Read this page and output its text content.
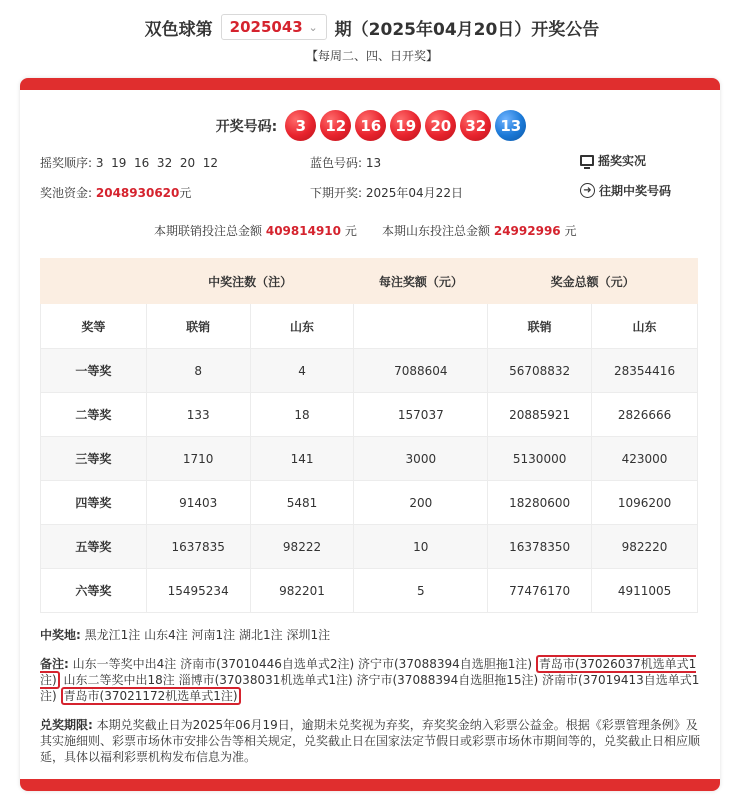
双色球第 2025043 ⌄ 期（2025年04月20日）开奖公告
【每周二、四、日开奖】
开奖号码:	3	12 16 19 20 32 13
摇奖顺序: 3  19  16  32  20  12	蓝色号码: 13	摇奖实况
奖池资金: 2048930620元	下期开奖: 2025年04月22日	➜ 往期中奖号码
本期联销投注总金额 409814910 元 本期山东投注总金额 24992996 元
	中奖注数（注）		每注奖额（元）	奖金总额（元）	
奖等	联销	山东		联销	山东
一等奖	8	4	7088604	56708832	28354416
二等奖	133	18	157037	20885921	2826666
三等奖	1710	141	3000	5130000	423000
四等奖	91403	5481	200	18280600	1096200
五等奖	1637835	98222	10	16378350	982220
六等奖	15495234	982201	5	77476170	4911005
中奖地: 黑龙江1注 山东4注 河南1注 湖北1注 深圳1注
备注: 山东一等奖中出4注 济南市(37010446自选单式2注) 济宁市(37088394自选胆拖1注) 青岛市(37026037机选单式1注) 山东二等奖中出18注 淄博市(37038031机选单式1注) 济宁市(37088394自选胆拖15注) 济南市(37019413自选单式1注) 青岛市(37021172机选单式1注)
兑奖期限: 本期兑奖截止日为2025年06月19日，逾期未兑奖视为弃奖，弃奖奖金纳入彩票公益金。根据《彩票管理条例》及其实施细则、彩票市场休市安排公告等相关规定，兑奖截止日在国家法定节假日或彩票市场休市期间等的，兑奖截止日相应顺延，具体以福利彩票机构发布信息为准。
